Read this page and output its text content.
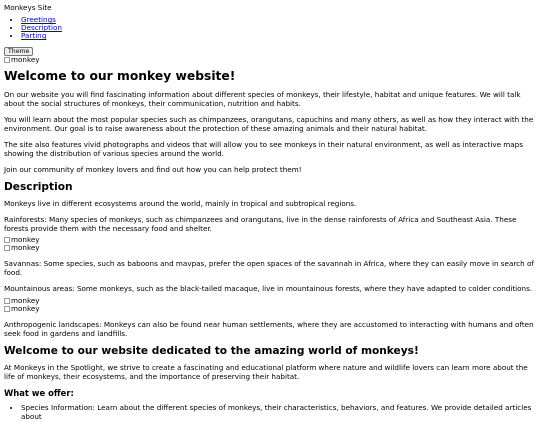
Monkeys Site
• Greetings
• Description
• Parting
Theme
monkey
Welcome to our monkey website!

On our website you will find fascinating information about different species of monkeys, their lifestyle, habitat and unique features. We will talk about the social structures of monkeys, their communication, nutrition and habits.

You will learn about the most popular species such as chimpanzees, orangutans, capuchins and many others, as well as how they interact with the environment. Our goal is to raise awareness about the protection of these amazing animals and their natural habitat.

The site also features vivid photographs and videos that will allow you to see monkeys in their natural environment, as well as interactive maps showing the distribution of various species around the world.

Join our community of monkey lovers and find out how you can help protect them!

Description

Monkeys live in different ecosystems around the world, mainly in tropical and subtropical regions.

Rainforests: Many species of monkeys, such as chimpanzees and orangutans, live in the dense rainforests of Africa and Southeast Asia. These forests provide them with the necessary food and shelter.

monkey
monkey

Savannas: Some species, such as baboons and mavpas, prefer the open spaces of the savannah in Africa, where they can easily move in search of food.

Mountainous areas: Some monkeys, such as the black-tailed macaque, live in mountainous forests, where they have adapted to colder conditions.

monkey
monkey

Anthropogenic landscapes: Monkeys can also be found near human settlements, where they are accustomed to interacting with humans and often seek food in gardens and landfills.

Welcome to our website dedicated to the amazing world of monkeys!

At Monkeys in the Spotlight, we strive to create a fascinating and educational platform where nature and wildlife lovers can learn more about the life of monkeys, their ecosystems, and the importance of preserving their habitat.

What we offer:
• Species Information: Learn about the different species of monkeys, their characteristics, behaviors, and features. We provide detailed articles about
